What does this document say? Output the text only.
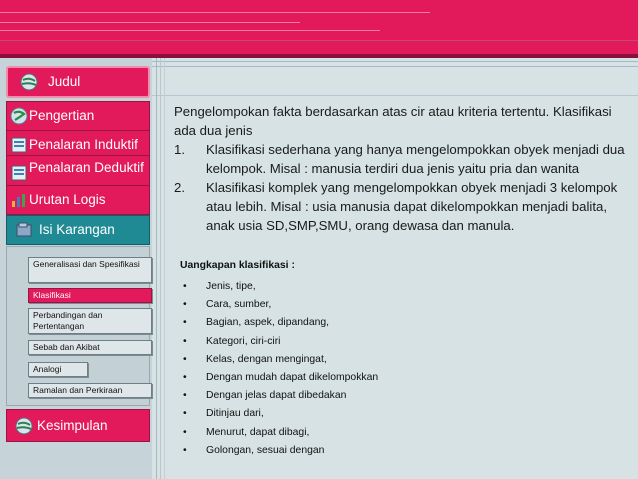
Judul
Pengertian
Penalaran Induktif
Penalaran Deduktif
Urutan Logis
Isi Karangan
Generalisasi dan Spesifikasi
Klasifikasi
Perbandingan dan Pertentangan
Sebab dan Akibat
Analogi
Ramalan dan Perkiraan
Kesimpulan
Pengelompokan fakta berdasarkan atas cir atau kriteria tertentu. Klasifikasi ada dua jenis
1. Klasifikasi sederhana yang hanya mengelompokkan obyek menjadi dua kelompok. Misal : manusia terdiri dua jenis yaitu pria dan wanita
2. Klasifikasi komplek yang mengelompokkan obyek menjadi 3 kelompok atau lebih. Misal : usia manusia dapat dikelompokkan menjadi balita, anak usia SD,SMP,SMU, orang dewasa dan manula.
Uangkapan klasifikasi :
• Jenis, tipe,
• Cara, sumber,
• Bagian, aspek, dipandang,
• Kategori, ciri-ciri
• Kelas, dengan mengingat,
• Dengan mudah dapat dikelompokkan
• Dengan jelas dapat dibedakan
• Ditinjau dari,
• Menurut, dapat dibagi,
• Golongan, sesuai dengan
